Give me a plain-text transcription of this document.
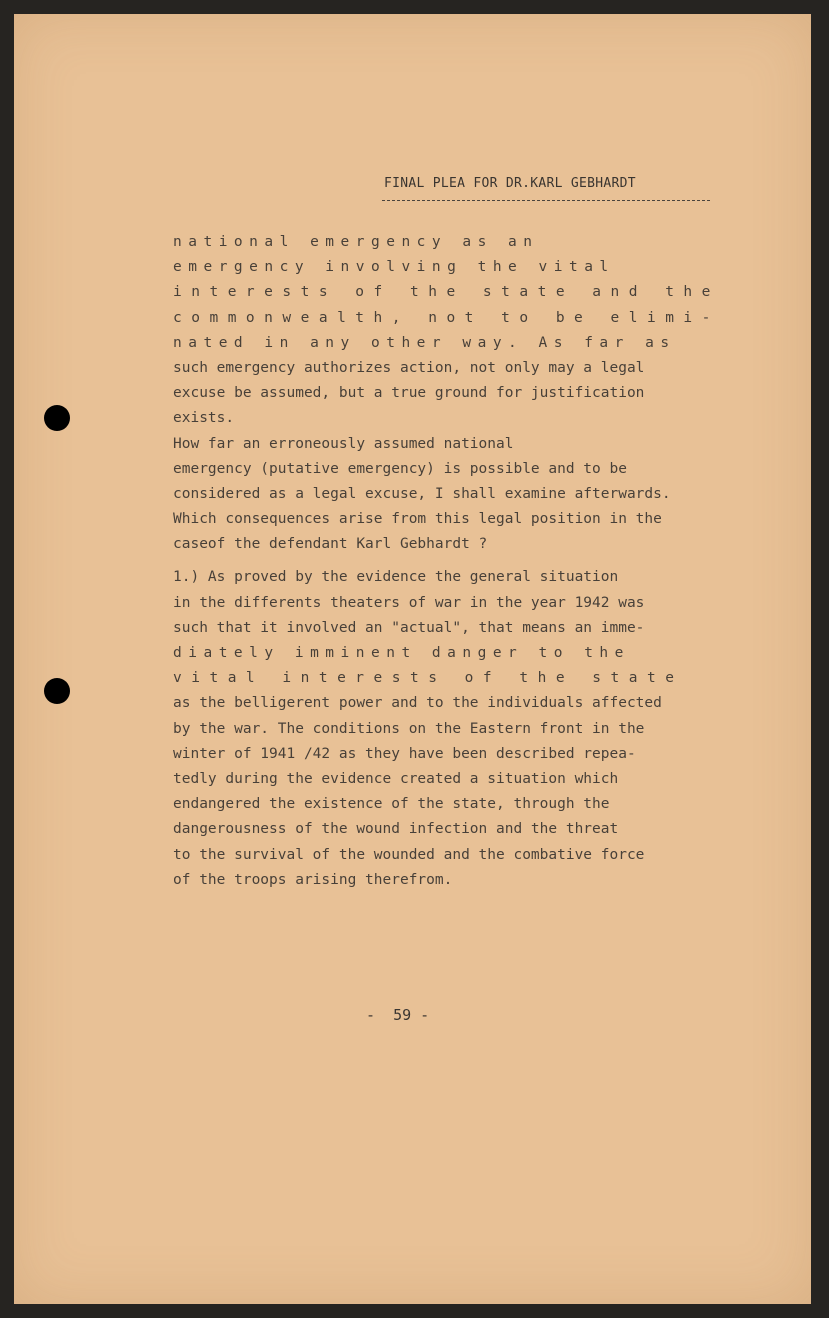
FINAL PLEA FOR DR.KARL GEBHARDT
national emergency as an
emergency involving the vital
interests of the state and the
commonwealth, not to be elimi-
nated in any other way. As far as
such emergency authorizes action, not only may a legal
excuse be assumed, but a true ground for justification
exists.
How far an erroneously assumed national
emergency (putative emergency) is possible and to be
considered as a legal excuse, I shall examine afterwards.
Which consequences arise from this legal position in the
caseof the defendant Karl Gebhardt ?
1.) As proved by the evidence the general situation
in the differents theaters of war in the year 1942 was
such that it involved an "actual", that means an imme-
diately imminent danger to the
vital interests of the state
as the belligerent power and to the individuals affected
by the war. The conditions on the Eastern front in the
winter of 1941 /42 as they have been described repea-
tedly during the evidence created a situation which
endangered the existence of the state, through the
dangerousness of the wound infection and the threat
to the survival of the wounded and the combative force
of the troops arising therefrom.
-  59 -
